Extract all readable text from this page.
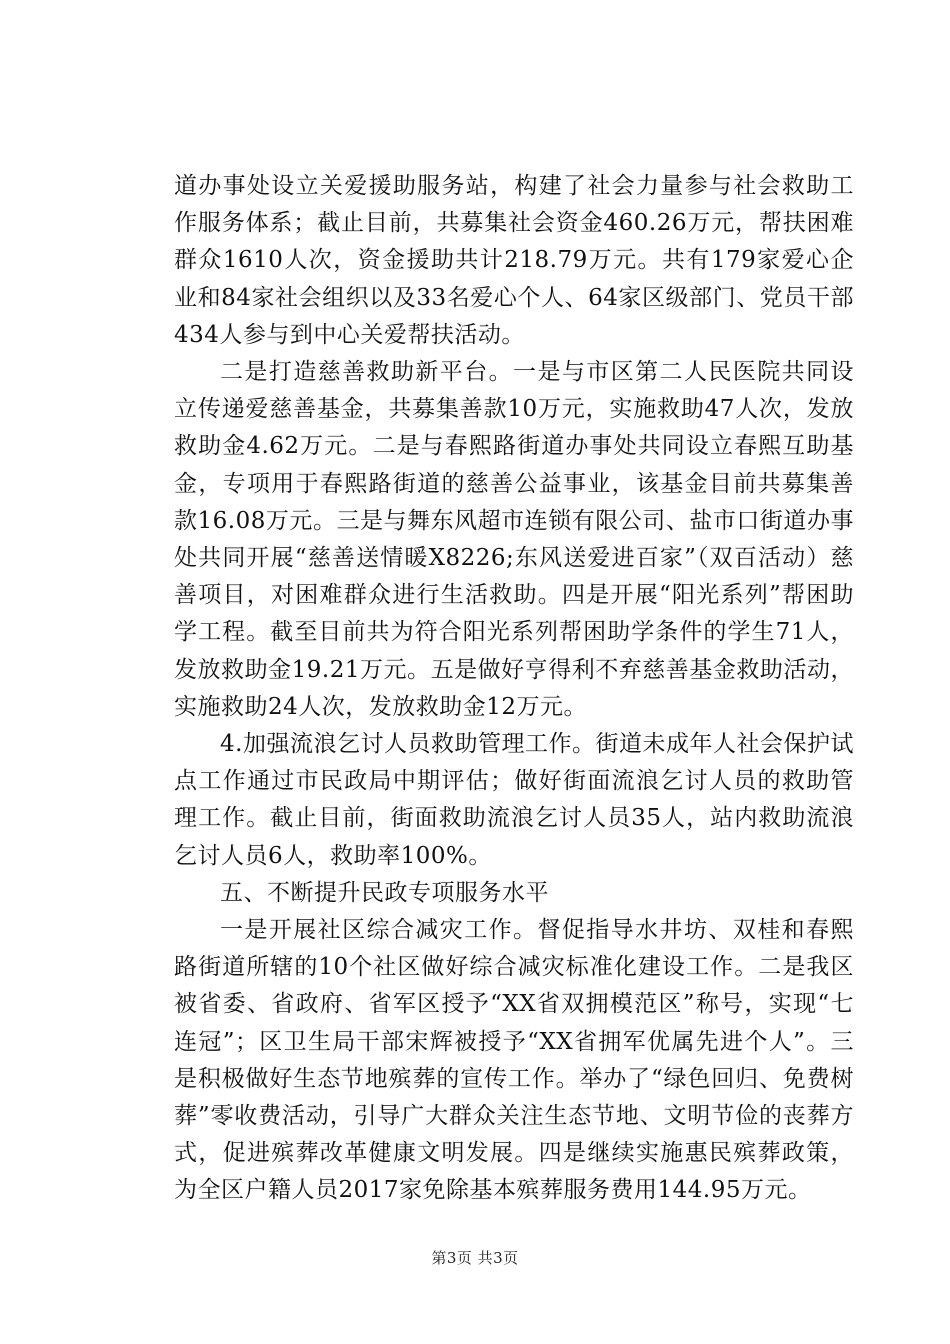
道办事处设立关爱援助服务站，构建了社会力量参与社会救助工作服务体系；截止目前，共募集社会资金460.26万元，帮扶困难群众1610人次，资金援助共计218.79万元。共有179家爱心企业和84家社会组织以及33名爱心个人、64家区级部门、党员干部434人参与到中心关爱帮扶活动。

二是打造慈善救助新平台。一是与市区第二人民医院共同设立传递爱慈善基金，共募集善款10万元，实施救助47人次，发放救助金4.62万元。二是与春熙路街道办事处共同设立春熙互助基金，专项用于春熙路街道的慈善公益事业，该基金目前共募集善款16.08万元。三是与舞东风超市连锁有限公司、盐市口街道办事处共同开展“慈善送情暖X8226;东风送爱进百家”（双百活动）慈善项目，对困难群众进行生活救助。四是开展“阳光系列”帮困助学工程。截至目前共为符合阳光系列帮困助学条件的学生71人，发放救助金19.21万元。五是做好亨得利不弃慈善基金救助活动，实施救助24人次，发放救助金12万元。

4.加强流浪乞讨人员救助管理工作。街道未成年人社会保护试点工作通过市民政局中期评估；做好街面流浪乞讨人员的救助管理工作。截止目前，街面救助流浪乞讨人员35人，站内救助流浪乞讨人员6人，救助率100%。

五、不断提升民政专项服务水平

一是开展社区综合减灾工作。督促指导水井坊、双桂和春熙路街道所辖的10个社区做好综合减灾标准化建设工作。二是我区被省委、省政府、省军区授予“XX省双拥模范区”称号，实现“七连冠”；区卫生局干部宋辉被授予“XX省拥军优属先进个人”。三是积极做好生态节地殡葬的宣传工作。举办了“绿色回归、免费树葬”零收费活动，引导广大群众关注生态节地、文明节俭的丧葬方式，促进殡葬改革健康文明发展。四是继续实施惠民殡葬政策，为全区户籍人员2017家免除基本殡葬服务费用144.95万元。

第3页 共3页
